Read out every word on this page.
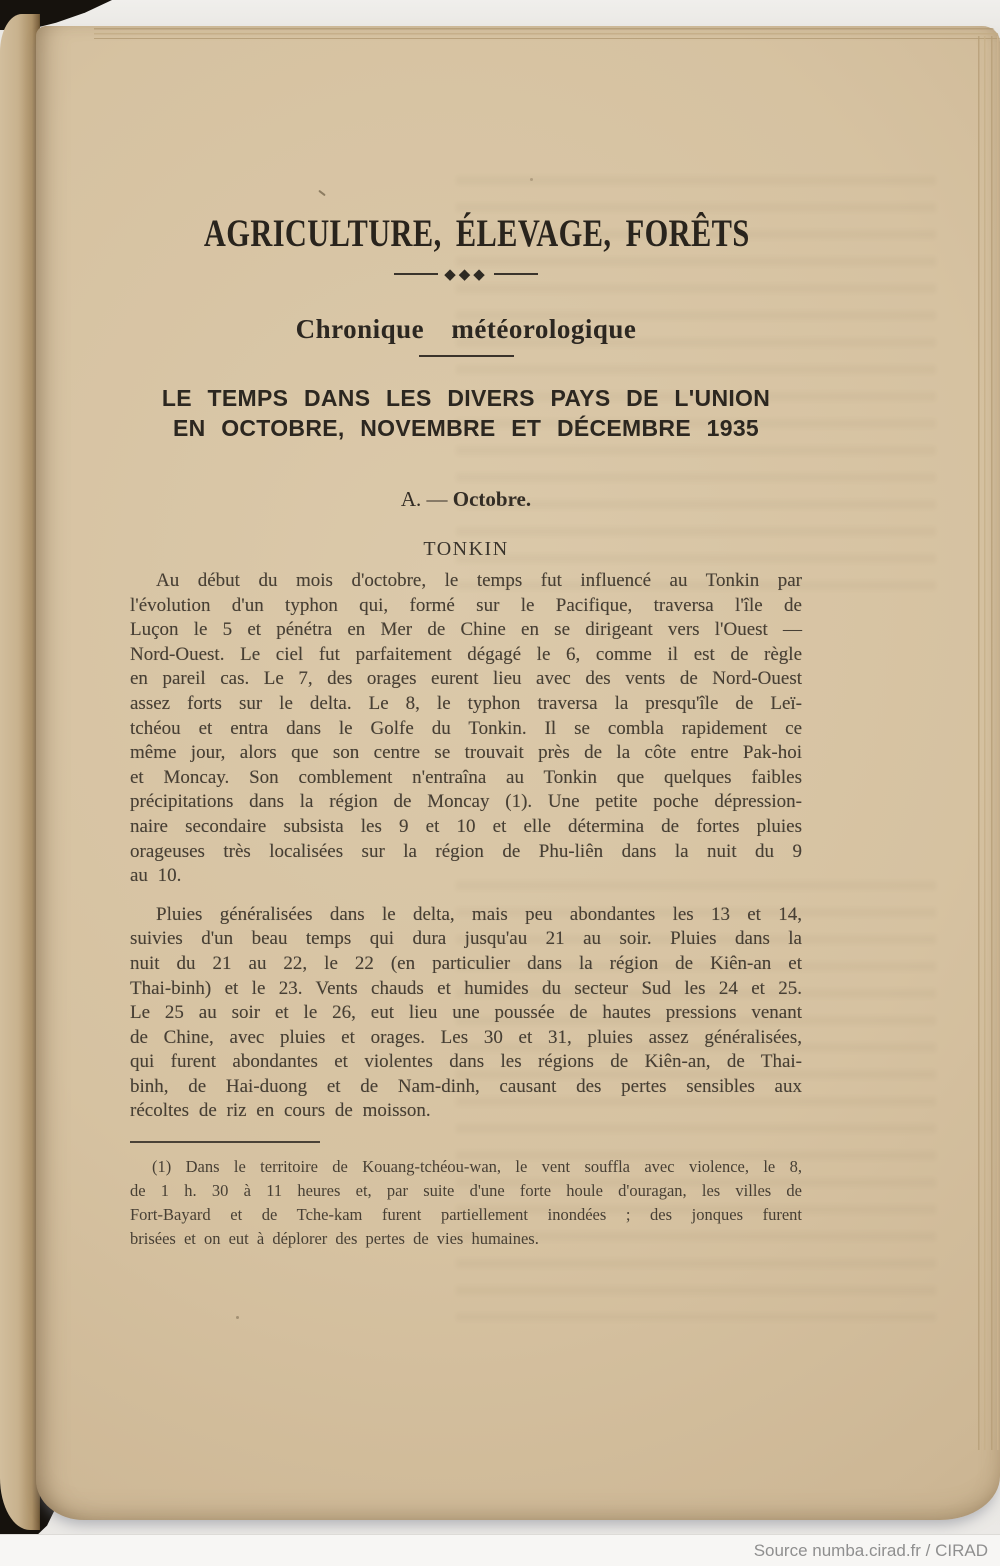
AGRICULTURE, ÉLEVAGE, FORÊTS
◆◆◆
Chronique météorologique
LE TEMPS DANS LES DIVERS PAYS DE L'UNION
EN OCTOBRE, NOVEMBRE ET DÉCEMBRE 1935
A. — Octobre.
TONKIN
Au début du mois d'octobre, le temps fut influencé au Tonkin par
l'évolution d'un typhon qui, formé sur le Pacifique, traversa l'île de
Luçon le 5 et pénétra en Mer de Chine en se dirigeant vers l'Ouest —
Nord-Ouest. Le ciel fut parfaitement dégagé le 6, comme il est de règle
en pareil cas. Le 7, des orages eurent lieu avec des vents de Nord-Ouest
assez forts sur le delta. Le 8, le typhon traversa la presqu'île de Leï-
tchéou et entra dans le Golfe du Tonkin. Il se combla rapidement ce
même jour, alors que son centre se trouvait près de la côte entre Pak-hoi
et Moncay. Son comblement n'entraîna au Tonkin que quelques faibles
précipitations dans la région de Moncay (1). Une petite poche dépression-
naire secondaire subsista les 9 et 10 et elle détermina de fortes pluies
orageuses très localisées sur la région de Phu-liên dans la nuit du 9
au 10.
Pluies généralisées dans le delta, mais peu abondantes les 13 et 14,
suivies d'un beau temps qui dura jusqu'au 21 au soir. Pluies dans la
nuit du 21 au 22, le 22 (en particulier dans la région de Kiên-an et
Thai-binh) et le 23. Vents chauds et humides du secteur Sud les 24 et 25.
Le 25 au soir et le 26, eut lieu une poussée de hautes pressions venant
de Chine, avec pluies et orages. Les 30 et 31, pluies assez généralisées,
qui furent abondantes et violentes dans les régions de Kiên-an, de Thai-
binh, de Hai-duong et de Nam-dinh, causant des pertes sensibles aux
récoltes de riz en cours de moisson.
(1) Dans le territoire de Kouang-tchéou-wan, le vent souffla avec violence, le 8,
de 1 h. 30 à 11 heures et, par suite d'une forte houle d'ouragan, les villes de
Fort-Bayard et de Tche-kam furent partiellement inondées ; des jonques furent
brisées et on eut à déplorer des pertes de vies humaines.
Source numba.cirad.fr / CIRAD
